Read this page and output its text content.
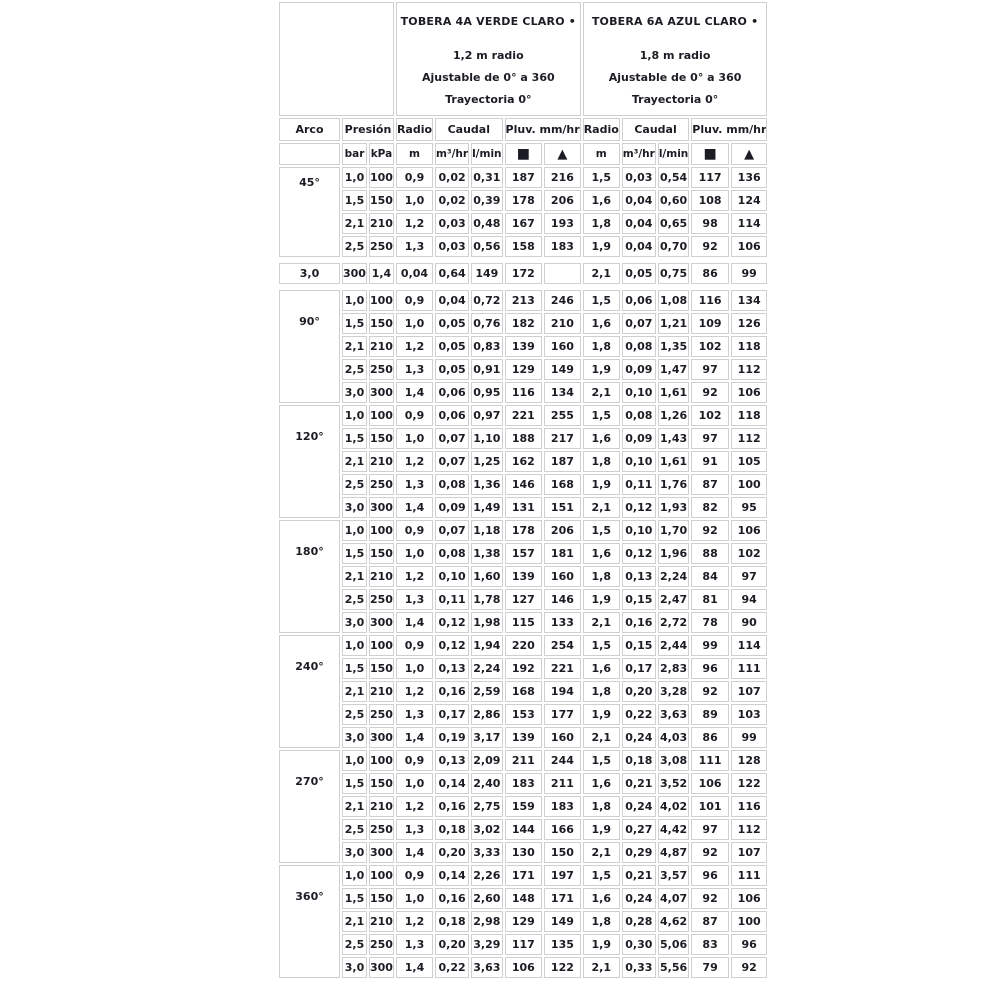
TOBERA 4A VERDE CLARO •
1,2 m radio
Ajustable de 0° a 360
Trayectoria 0°

TOBERA 6A AZUL CLARO •
1,8 m radio
Ajustable de 0° a 360
Trayectoria 0°

Arco	Presión		Radio	Caudal		Pluv. mm/hr		Radio	Caudal		Pluv. mm/hr	
	bar	kPa	m	m³/hr	l/min	■	▲	m	m³/hr	l/min	■	▲

45°	1,0	100	0,9	0,02	0,31	187	216	1,5	0,03	0,54	117	136
	1,5	150	1,0	0,02	0,39	178	206	1,6	0,04	0,60	108	124
	2,1	210	1,2	0,03	0,48	167	193	1,8	0,04	0,65	98	114
	2,5	250	1,3	0,03	0,56	158	183	1,9	0,04	0,70	92	106

3,0	300	1,4	0,04	0,64	149	172		2,1	0,05	0,75	86	99

90°	1,0	100	0,9	0,04	0,72	213	246	1,5	0,06	1,08	116	134
	1,5	150	1,0	0,05	0,76	182	210	1,6	0,07	1,21	109	126
	2,1	210	1,2	0,05	0,83	139	160	1,8	0,08	1,35	102	118
	2,5	250	1,3	0,05	0,91	129	149	1,9	0,09	1,47	97	112
	3,0	300	1,4	0,06	0,95	116	134	2,1	0,10	1,61	92	106

120°	1,0	100	0,9	0,06	0,97	221	255	1,5	0,08	1,26	102	118
	1,5	150	1,0	0,07	1,10	188	217	1,6	0,09	1,43	97	112
	2,1	210	1,2	0,07	1,25	162	187	1,8	0,10	1,61	91	105
	2,5	250	1,3	0,08	1,36	146	168	1,9	0,11	1,76	87	100
	3,0	300	1,4	0,09	1,49	131	151	2,1	0,12	1,93	82	95

180°	1,0	100	0,9	0,07	1,18	178	206	1,5	0,10	1,70	92	106
	1,5	150	1,0	0,08	1,38	157	181	1,6	0,12	1,96	88	102
	2,1	210	1,2	0,10	1,60	139	160	1,8	0,13	2,24	84	97
	2,5	250	1,3	0,11	1,78	127	146	1,9	0,15	2,47	81	94
	3,0	300	1,4	0,12	1,98	115	133	2,1	0,16	2,72	78	90

240°	1,0	100	0,9	0,12	1,94	220	254	1,5	0,15	2,44	99	114
	1,5	150	1,0	0,13	2,24	192	221	1,6	0,17	2,83	96	111
	2,1	210	1,2	0,16	2,59	168	194	1,8	0,20	3,28	92	107
	2,5	250	1,3	0,17	2,86	153	177	1,9	0,22	3,63	89	103
	3,0	300	1,4	0,19	3,17	139	160	2,1	0,24	4,03	86	99

270°	1,0	100	0,9	0,13	2,09	211	244	1,5	0,18	3,08	111	128
	1,5	150	1,0	0,14	2,40	183	211	1,6	0,21	3,52	106	122
	2,1	210	1,2	0,16	2,75	159	183	1,8	0,24	4,02	101	116
	2,5	250	1,3	0,18	3,02	144	166	1,9	0,27	4,42	97	112
	3,0	300	1,4	0,20	3,33	130	150	2,1	0,29	4,87	92	107

360°	1,0	100	0,9	0,14	2,26	171	197	1,5	0,21	3,57	96	111
	1,5	150	1,0	0,16	2,60	148	171	1,6	0,24	4,07	92	106
	2,1	210	1,2	0,18	2,98	129	149	1,8	0,28	4,62	87	100
	2,5	250	1,3	0,20	3,29	117	135	1,9	0,30	5,06	83	96
	3,0	300	1,4	0,22	3,63	106	122	2,1	0,33	5,56	79	92
